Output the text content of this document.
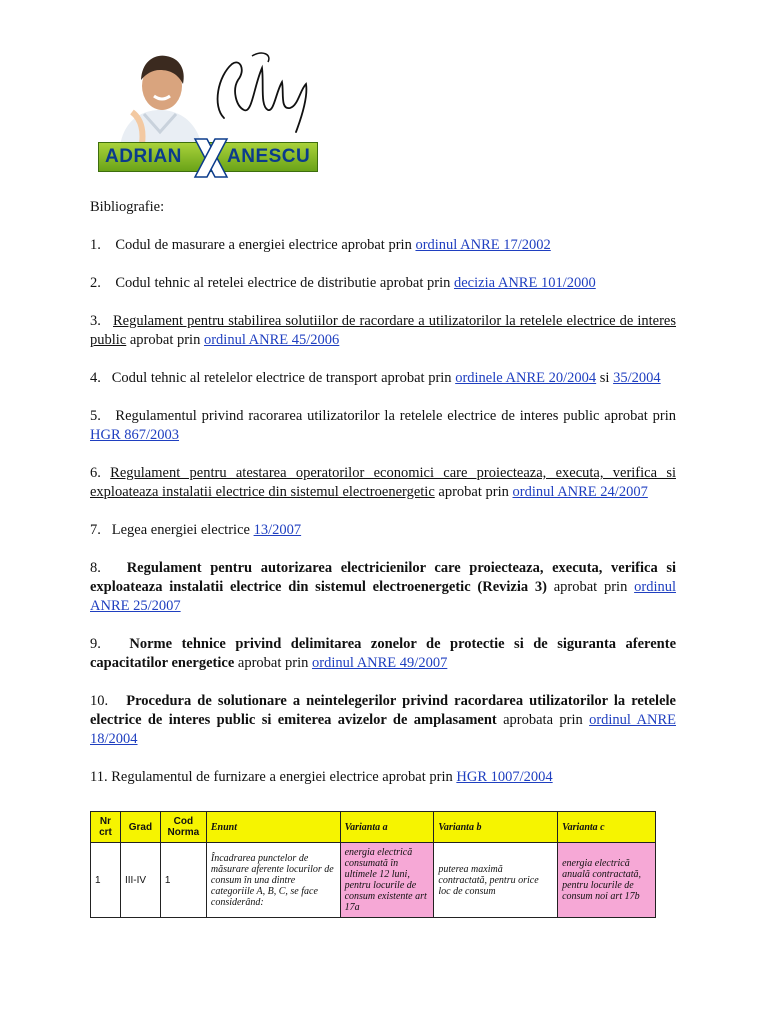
ADRIAN ANESCU

Bibliografie:

1. Codul de masurare a energiei electrice aprobat prin ordinul ANRE 17/2002

2. Codul tehnic al retelei electrice de distributie aprobat prin decizia ANRE 101/2000

3. Regulament pentru stabilirea solutiilor de racordare a utilizatorilor la retelele electrice de interes public aprobat prin ordinul ANRE 45/2006

4. Codul tehnic al retelelor electrice de transport aprobat prin ordinele ANRE 20/2004 si 35/2004

5. Regulamentul privind racorarea utilizatorilor la retelele electrice de interes public aprobat prin HGR 867/2003

6. Regulament pentru atestarea operatorilor economici care proiecteaza, executa, verifica si exploateaza instalatii electrice din sistemul electroenergetic aprobat prin ordinul ANRE 24/2007

7. Legea energiei electrice 13/2007

8. Regulament pentru autorizarea electricienilor care proiecteaza, executa, verifica si exploateaza instalatii electrice din sistemul electroenergetic (Revizia 3) aprobat prin ordinul ANRE 25/2007

9. Norme tehnice privind delimitarea zonelor de protectie si de siguranta aferente capacitatilor energetice aprobat prin ordinul ANRE 49/2007

10. Procedura de solutionare a neintelegerilor privind racordarea utilizatorilor la retelele electrice de interes public si emiterea avizelor de amplasament aprobata prin ordinul ANRE 18/2004

11. Regulamentul de furnizare a energiei electrice aprobat prin HGR 1007/2004

Nr crt	Grad	Cod Norma	Enunt	Varianta a	Varianta b	Varianta c
1	III-IV	1	Încadrarea punctelor de măsurare aferente locurilor de consum în una dintre categoriile A, B, C, se face considerând:	energia electrică consumată în ultimele 12 luni, pentru locurile de consum existente art 17a	puterea maximă contractată, pentru orice loc de consum	energia electrică anuală contractată, pentru locurile de consum noi art 17b
